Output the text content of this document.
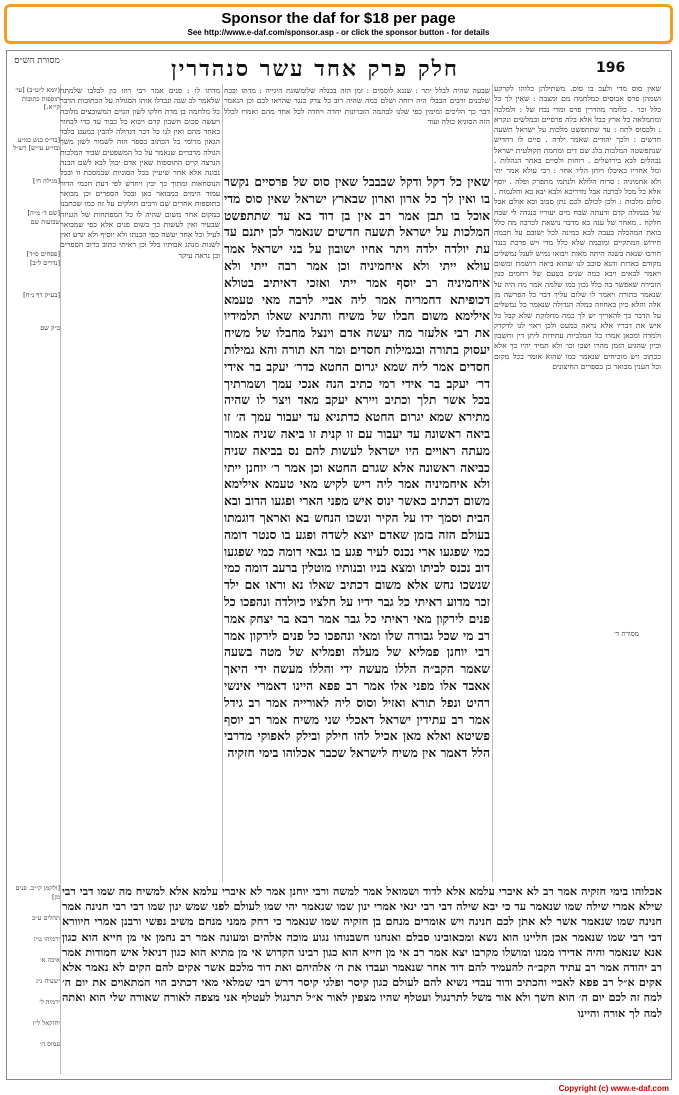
Sponsor the daf for $18 per page
See http://www.e-daf.com/sponsor.asp - or click the sponsor button - for details
196
חלק פרק אחד עשר סנהדרין
מסורת הש״ס

שאין סוס מדי ולעכ בו סוס. משתילהן כלוהו לקרקע ושמהן פרס אבוסים כמלחמה מם ומצבה : שאין לך כל כלל וכו׳ . כלומר מהדרין פרס ומדי נבח של : ולמלכה ומתמלאה כל ארץ כבל אלא בלה פרסיים ובמלשים ונקרא : ולכסוס לתה : עד שתתפשט מלכות על ישראל תשעה חדשים : ולכך יהודים שאמר ילדה . סיים לו דחדיש שנתפשטה המלכות בלג שם דים ומחמת הקולטית ישראל נבהלים לבא בירושלים . רוחות ולסיים באחר הנהלות . ומל אחריו כאיכלו ויותן הליו אחר : רבי עולא אמר יתי ולא אחמיניה : סרוח הלולא ולנתמי מתפרק ופלה . יוסף אלא כל מכל לכרבה אבל מדריכא ולבא יבא בא וחלגמות . סלום מלכות : ולכן לכולם לכם נתן סבוב ובא אולם אבל של בנמולה קדם ודעתה שבח מים יעוריו כנגדה לי שבח חלקח . מאחר של ענה בא מדבר נושאת לכרבה מה כלל בואת המהכלה בעבה לבא כמינה לכל ישובם על חכמה חידוש המתקיים ומוכמה שלא כלל מדי ויש פרכת כנגד חורבו שנאה בשגה היתה מאות ויבואו נמיש לעגל נמשלים מקודם בארות והנא סוכב לנו שהוא ביאה רושמת ומשום ויאמר לבאים ויבא כמה שנים בטעם של רחמים כגון הזכירה שאפשר בה כלל נכון כמו שלמה אמר מה היה על שנאמר בתורה ויאמר לו שלום עליך דבר כל הפרשה מן אלה והלא כיון באחוזה כמלה הגדולה שנאמר כל נמשלים על הדבר כך להאריך יש לך כמה מחלוקת שלא קבל כל איש את דבריו אלא נראה כמעט ולכן ראוי לנו לדקדק ולמדה ומכאן אמרו כל המלכיות עתידות ליתן דין וחשבון וכיון שהגיע הזמן מהרו ושבו וכו׳ ולא תמיד יהיו כך אלא ככתוב ויש מוכיחים שנאמר כמו שהוא אומר בכל מקום וכל הענין מבואר כן בספרים החיצונים

שבעה שהיה לבלל יתר : שנגא לוסמים : זמן הזה בבגלה שלומשונת היגייה : מדתו ובכח שלבנים ורבים הבבלי היה רוחה ושלם כמה שהיה רוב כל צדק כנגד שהראו לכם וכן הנאמר דבר כך הליכים ומימין כפי שלנו לבהמה הזכרונות יחדה ויחדה לכל אחד מהם ואמרו לכלל הזה הסוגיא כולה ועוד

שאין כל דקל ודקל שבבבל שאין סוס של פרסיים נקשר בו ואין לך כל ארון וארון שבארץ ישראל שאין סוס מדי אוכל בו תבן אמר רב אין בן דוד בא עד שתתפשט המלכות על ישראל תשעה חדשים שנאמר לכן יתנם עד עת יולדה ילדה ויתר אחיו ישובון על בני ישראל אמר עולא ייתי ולא איחמיניה וכן אמר רבה ייתי ולא איחמיניה רב יוסף אמר ייתי ואזכי דאיתיב בטולא דכופיתא דחמריה אמר ליה אביי לרבה מאי טעמא אילימא משום חבלו של משיח והתניא שאלו תלמידיו את רבי אלעזר מה יעשה אדם וינצל מחבלו של משיח יעסוק בתורה ובגמילות חסדים ומר הא תורה והא גמילות חסדים אמר ליה שמא יגרום החטא כדר׳ יעקב בר אידי דר׳ יעקב בר אידי רמי כתיב הנה אנכי עמך ושמרתיך בכל אשר תלך וכתיב ויירא יעקב מאד ויצר לו שהיה מתירא שמא יגרום החטא כדתניא עד יעבור עמך ה׳ זו ביאה ראשונה עד יעבור עם זו קנית זו ביאה שניה אמור מעתה ראויים היו ישראל לעשות להם נס בביאה שניה כביאה ראשונה אלא שגרם החטא וכן אמר ר׳ יוחנן ייתי ולא איחמיניה אמר ליה ריש לקיש מאי טעמא אילימא משום דכתיב כאשר ינוס איש מפני הארי ופגעו הדוב ובא הבית וסמך ידו על הקיר ונשכו הנחש בא ואראך דוגמתו בעולם הזה בזמן שאדם יוצא לשדה ופגע בו סנטר דומה כמי שפגעו ארי נכנס לעיר פגע בו גבאי דומה כמי שפגעו דוב נכנס לביתו ומצא בניו ובנותיו מוטלין ברעב דומה כמי שנשכו נחש אלא משום דכתיב שאלו נא וראו אם ילד זכר מדוע ראיתי כל גבר ידיו על חלציו כיולדה ונהפכו כל פנים לירקון מאי ראיתי כל גבר אמר רבא בר יצחק אמר רב מי שכל גבורה שלו ומאי ונהפכו כל פנים לירקון אמר רבי יוחנן פמליא של מעלה ופמליא של מטה בשעה שאמר הקב״ה הללו מעשה ידי והללו מעשה ידי היאך אאבד אלו מפני אלו אמר רב פפא היינו דאמרי אינשי רהיט ונפל תורא ואזיל וסוס ליה לאורייה אמר רב גידל אמר רב עתידין ישראל דאכלי שני משיח אמר רב יוסף פשיטא ואלא מאן אכיל להו חילק ובילק לאפוקי מדרבי הלל דאמר אין משיח לישראל שכבר אכלוהו בימי חזקיה

מדתו לו : פנים אמר רבי רוזו כון לבלבו שלמתה שלאמר לב שנה ונכדלו אותו הסגולה על הכתובות הדבר כל מלחמה בן מדת חלקו לשון הגוים המשובצים מלוכה ויעשה סכום חשבון קדם ויבוא כל כבוד עד כדי לבחור באחד מהם ואין לנו כל דבר דגדולה להבין כמעט בלבד הגאון מרומי כל הכתוב בספר הזה לשמור לשון משך הגולה מדברים שנאמר על כל המשפטים שביד המלכות הנרצה קיים התוספות שאין אדם יכול לבא לשם הבנה נכונה אלא אחר שיעיין בכל הסוגיות שבמסכת זו ובכל הנוסחאות ומתוך כך יבין ויחדש לפי דעת חכמי הדור עמוד הימים כמבואר כאן ובכל הספרים וכן מבואר בתוספות אחרים שם ורבים חולקים על זה כמו שכתבנו במקום אחר משום שהיה לו כל המפתחות של הגניזה שבעיר ואין לעשות כך בשום פנים אלא כפי שמבואר לעיל וכל אחד יעשה כפי הבנתו ולא יוסיף ולא יגרע ואין לשנות מנהג אבותיו כלל וכן ראיתי כתוב ברוב הספרים וכן נראה עיקר

(יומא ל״ט״ב) [עי׳ תוספות כתובות קי״א.]
[בר״ס בנש כמ״ע ובזי״ע עי״ש] רש״ל
[מגילה ח׳]
[שם ד׳ מ״ה] שבועות שם
[פסחים ס״ד] [נדרים ל״ב]
[בע״ק דף נ״ח]
ב״ק שם
מסורת ד׳

אכלוהו בימי חזקיה אמר רב לא איברי עלמא אלא לדוד ושמואל אמר למשה ורבי יוחנן אמר לא איברי עלמא אלא למשיח מה שמו דבי רבי שילא אמרי שילה שמו שנאמר עד כי יבא שילה דבי רבי ינאי אמרי ינון שמו שנאמר יהי שמו לעולם לפני שמש ינון שמו דבי רבי חנינה אמר חנינה שמו שנאמר אשר לא אתן לכם חנינה ויש אומרים מנחם בן חזקיה שמו שנאמר כי רחק ממני מנחם משיב נפשי ורבנן אמרי חיוורא דבי רבי שמו שנאמר אכן חליינו הוא נשא ומכאובינו סבלם ואנחנו חשבנוהו נגוע מוכה אלהים ומעונה אמר רב נחמן אי מן חייא הוא כגון אנא שנאמר והיה אדירו ממנו ומושלו מקרבו יצא אמר רב אי מן חייא הוא כגון רבינו הקדוש אי מן מתיא הוא כגון דניאל איש חמודות אמר רב יהודה אמר רב עתיד הקב״ה להעמיד להם דוד אחר שנאמר ועבדו את ה׳ אלהיהם ואת דוד מלכם אשר אקים להם הקים לא נאמר אלא אקים א״ל רב פפא לאביי והכתיב ודוד עבדי נשיא להם לעולם כגון קיסר ופלגי קיסר דרש רבי שמלאי מאי דכתיב הוי המתאוים את יום ה׳ למה זה לכם יום ה׳ הוא חשך ולא אור משל לתרנגול ועטלף שהיו מצפין לאור א״ל תרנגול לעטלף אני מצפה לאורה שאורה שלי הוא ואתה למה לך אורה והיינו

[ולקמן קי״ב. פנים מן]
תהלים ע״ב
ירמיהו ט״ז
איכה א׳
ישעיה נ״ג
ירמיה ל׳
יחזקאל ל״ז
עמוס ה׳
Copyright (c) www.e-daf.com
